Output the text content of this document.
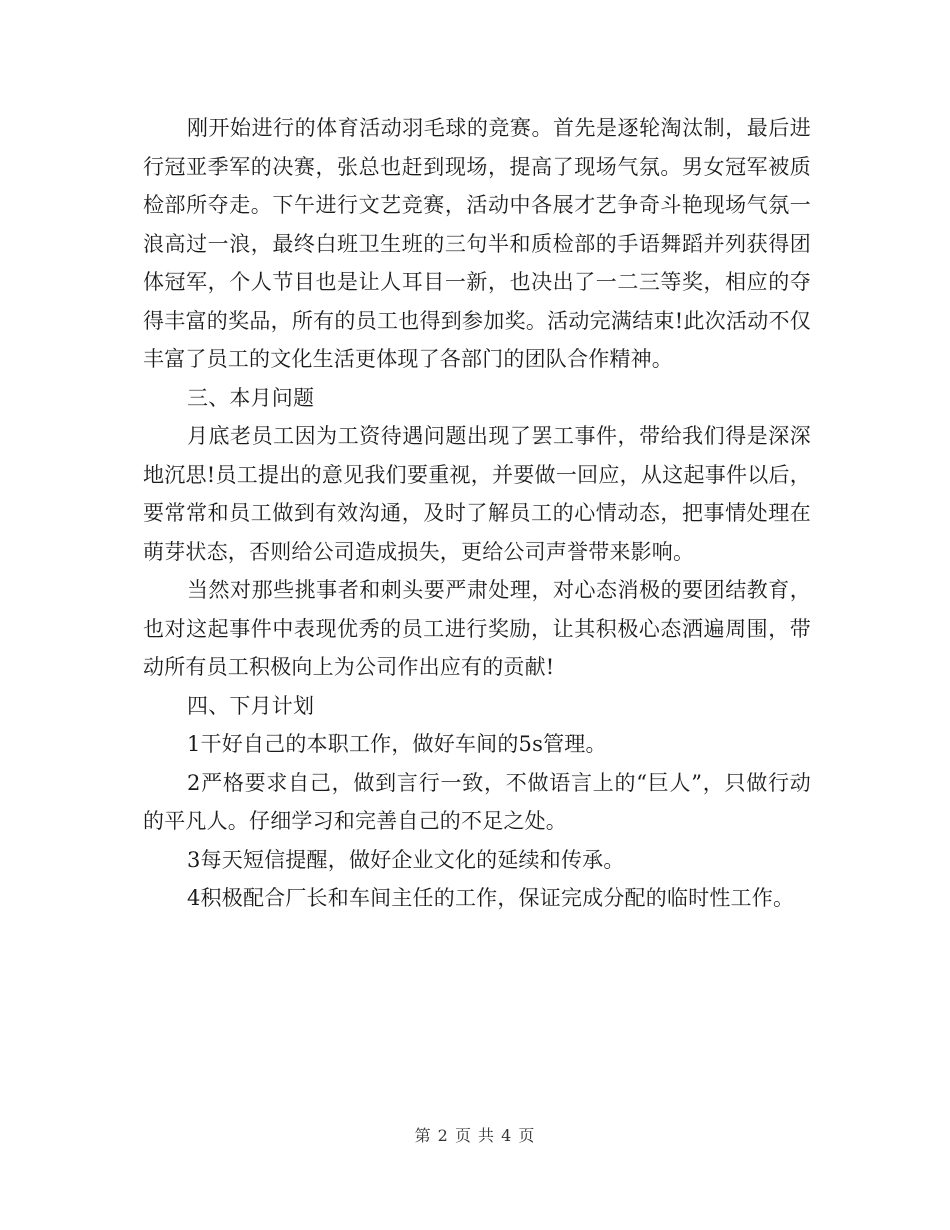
刚开始进行的体育活动羽毛球的竞赛。首先是逐轮淘汰制，最后进行冠亚季军的决赛，张总也赶到现场，提高了现场气氛。男女冠军被质检部所夺走。下午进行文艺竞赛，活动中各展才艺争奇斗艳现场气氛一浪高过一浪，最终白班卫生班的三句半和质检部的手语舞蹈并列获得团体冠军，个人节目也是让人耳目一新，也决出了一二三等奖，相应的夺得丰富的奖品，所有的员工也得到参加奖。活动完满结束!此次活动不仅丰富了员工的文化生活更体现了各部门的团队合作精神。

三、本月问题

月底老员工因为工资待遇问题出现了罢工事件，带给我们得是深深地沉思!员工提出的意见我们要重视，并要做一回应，从这起事件以后，要常常和员工做到有效沟通，及时了解员工的心情动态，把事情处理在萌芽状态，否则给公司造成损失，更给公司声誉带来影响。

当然对那些挑事者和刺头要严肃处理，对心态消极的要团结教育，也对这起事件中表现优秀的员工进行奖励，让其积极心态洒遍周围，带动所有员工积极向上为公司作出应有的贡献!

四、下月计划

1干好自己的本职工作，做好车间的5s管理。

2严格要求自己，做到言行一致，不做语言上的“巨人”，只做行动的平凡人。仔细学习和完善自己的不足之处。

3每天短信提醒，做好企业文化的延续和传承。

4积极配合厂长和车间主任的工作，保证完成分配的临时性工作。

第 2 页 共 4 页
